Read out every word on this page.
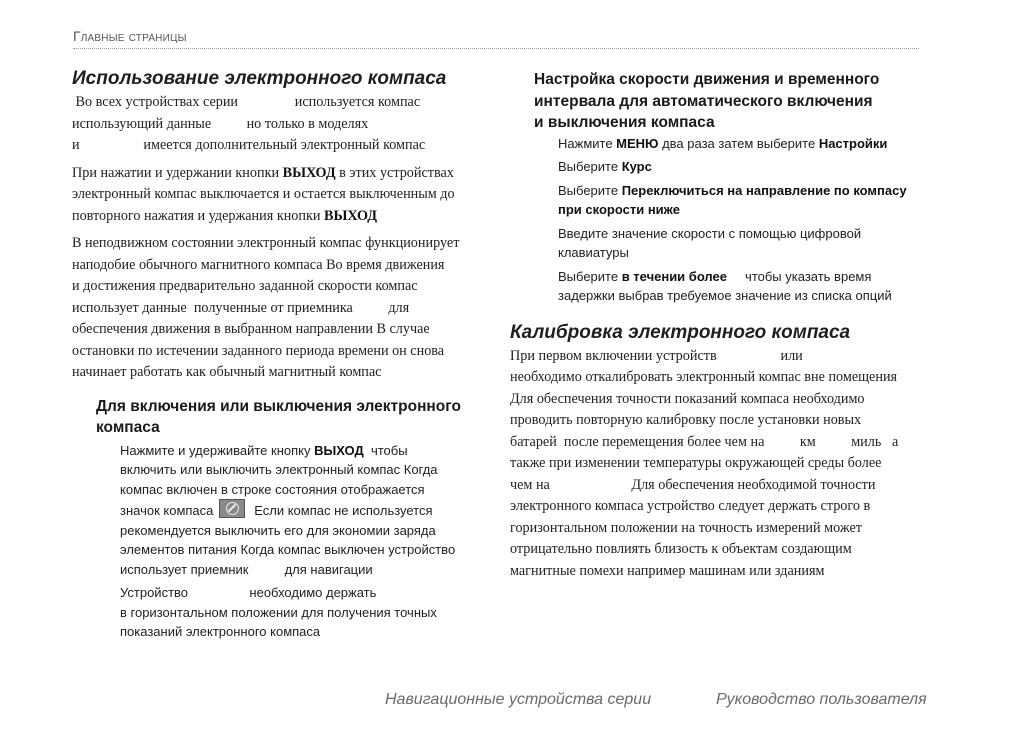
Главные страницы
Использование электронного компаса

Во всех устройствах серии                используется компас

использующий данные          но только в моделях

и                  имеется дополнительный электронный компас

При нажатии и удержании кнопки ВЫХОД в этих устройствах

электронный компас выключается и остается выключенным до

повторного нажатия и удержания кнопки ВЫХОД

В неподвижном состоянии электронный компас функционирует

наподобие обычного магнитного компаса Во время движения

и достижения предварительно заданной скорости компас

использует данные  полученные от приемника          для

обеспечения движения в выбранном направлении В случае

остановки по истечении заданного периода времени он снова

начинает работать как обычный магнитный компас

Для включения или выключения электронного

компаса

Нажмите и удерживайте кнопку ВЫХОД  чтобы

включить или выключить электронный компас Когда

компас включен в строке состояния отображается

значок компаса   Если компас не используется

рекомендуется выключить его для экономии заряда

элементов питания Когда компас выключен устройство

использует приемник          для навигации

Устройство                 необходимо держать

в горизонтальном положении для получения точных

показаний электронного компаса

Настройка скорости движения и временного

интервала для автоматического включения

и выключения компаса

Нажмите МЕНЮ два раза затем выберите Настройки

Выберите Курс

Выберите Переключиться на направление по компасу

при скорости ниже

Введите значение скорости с помощью цифровой

клавиатуры

Выберите в течении более     чтобы указать время

задержки выбрав требуемое значение из списка опций

Калибровка электронного компаса

При первом включении устройств                  или

необходимо откалибровать электронный компас вне помещения

Для обеспечения точности показаний компаса необходимо

проводить повторную калибровку после установки новых

батарей  после перемещения более чем на          км          миль   а

также при изменении температуры окружающей среды более

чем на                       Для обеспечения необходимой точности

электронного компаса устройство следует держать строго в

горизонтальном положении на точность измерений может

отрицательно повлиять близость к объектам создающим

магнитные помехи например машинам или зданиям

Навигационные устройства серии	Руководство пользователя
